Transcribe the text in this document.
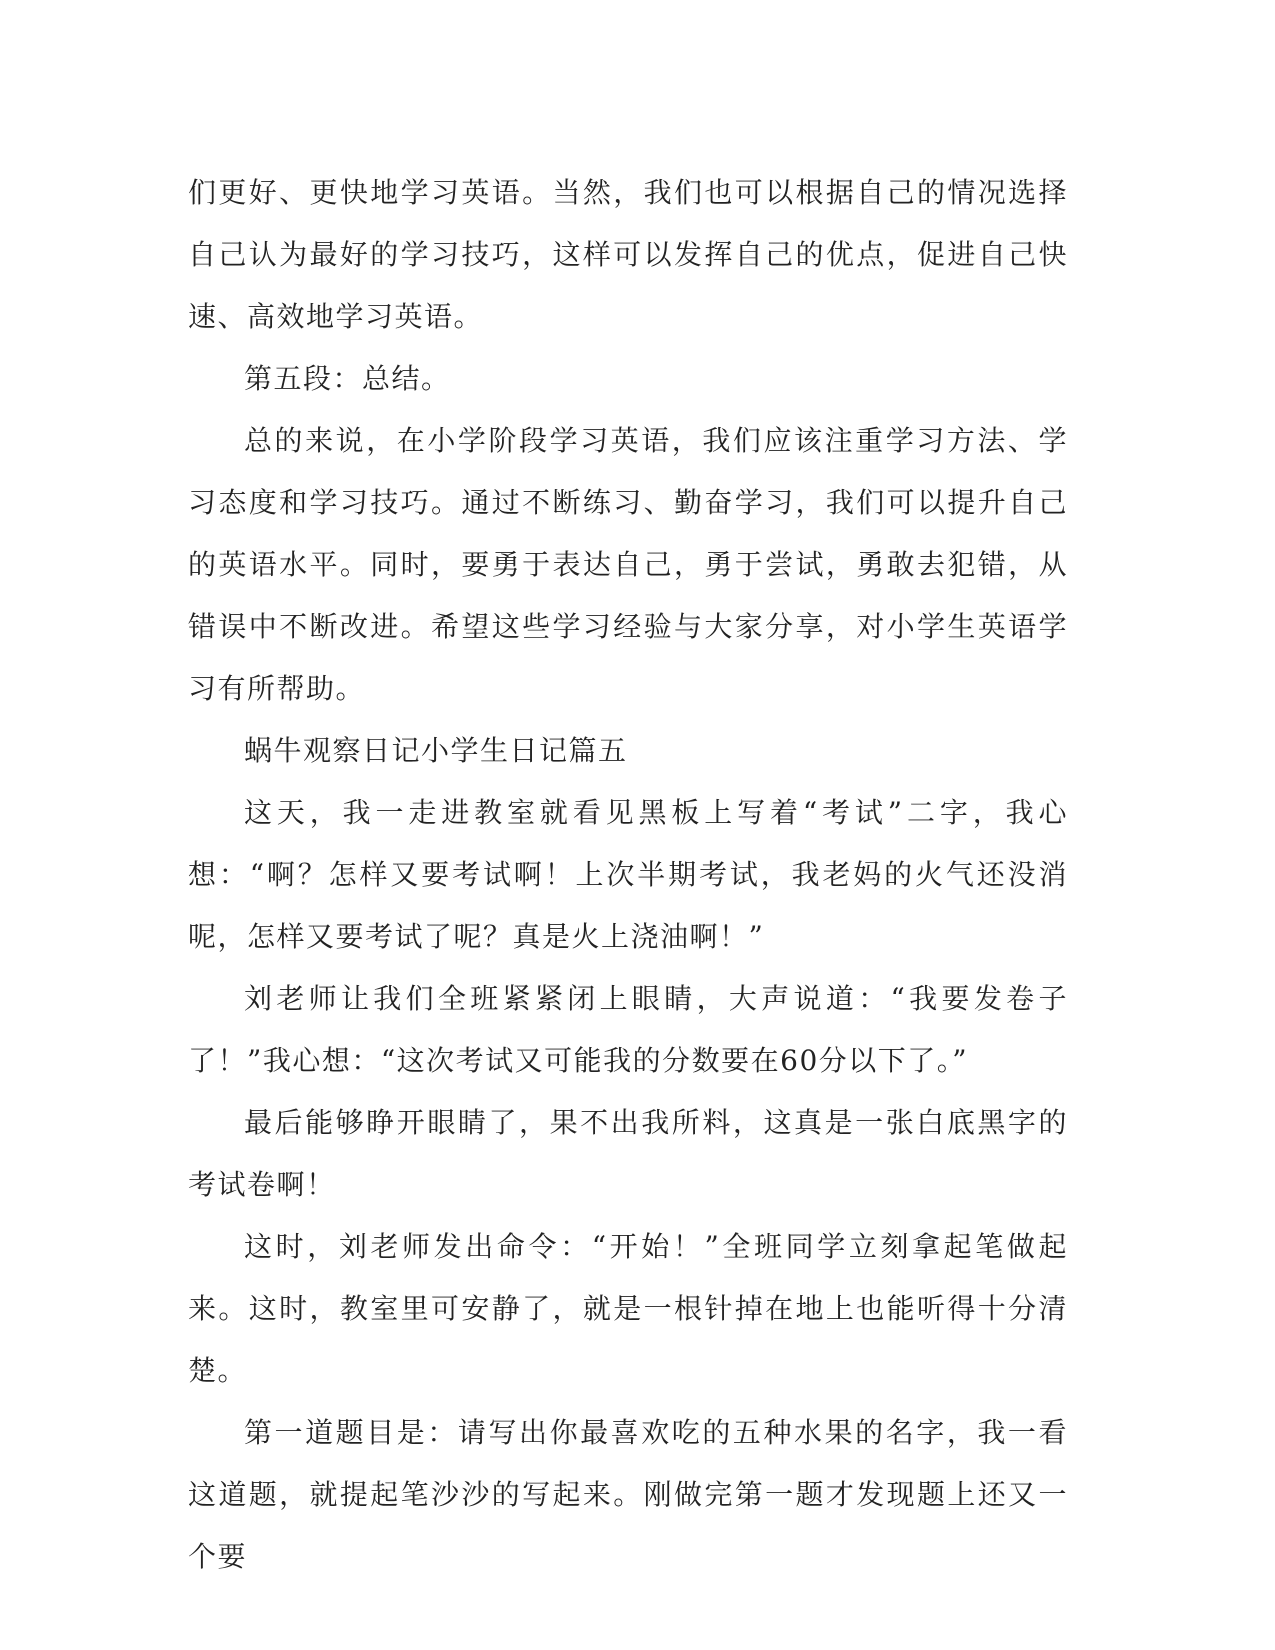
们更好、更快地学习英语。当然，我们也可以根据自己的情况选择自己认为最好的学习技巧，这样可以发挥自己的优点，促进自己快速、高效地学习英语。

第五段：总结。

总的来说，在小学阶段学习英语，我们应该注重学习方法、学习态度和学习技巧。通过不断练习、勤奋学习，我们可以提升自己的英语水平。同时，要勇于表达自己，勇于尝试，勇敢去犯错，从错误中不断改进。希望这些学习经验与大家分享，对小学生英语学习有所帮助。

蜗牛观察日记小学生日记篇五

这天，我一走进教室就看见黑板上写着“考试”二字，我心想：“啊？怎样又要考试啊！上次半期考试，我老妈的火气还没消呢，怎样又要考试了呢？真是火上浇油啊！”

刘老师让我们全班紧紧闭上眼睛，大声说道：“我要发卷子了！”我心想：“这次考试又可能我的分数要在60分以下了。”

最后能够睁开眼睛了，果不出我所料，这真是一张白底黑字的考试卷啊！

这时，刘老师发出命令：“开始！”全班同学立刻拿起笔做起来。这时，教室里可安静了，就是一根针掉在地上也能听得十分清楚。

第一道题目是：请写出你最喜欢吃的五种水果的名字，我一看这道题，就提起笔沙沙的写起来。刚做完第一题才发现题上还又一个要
